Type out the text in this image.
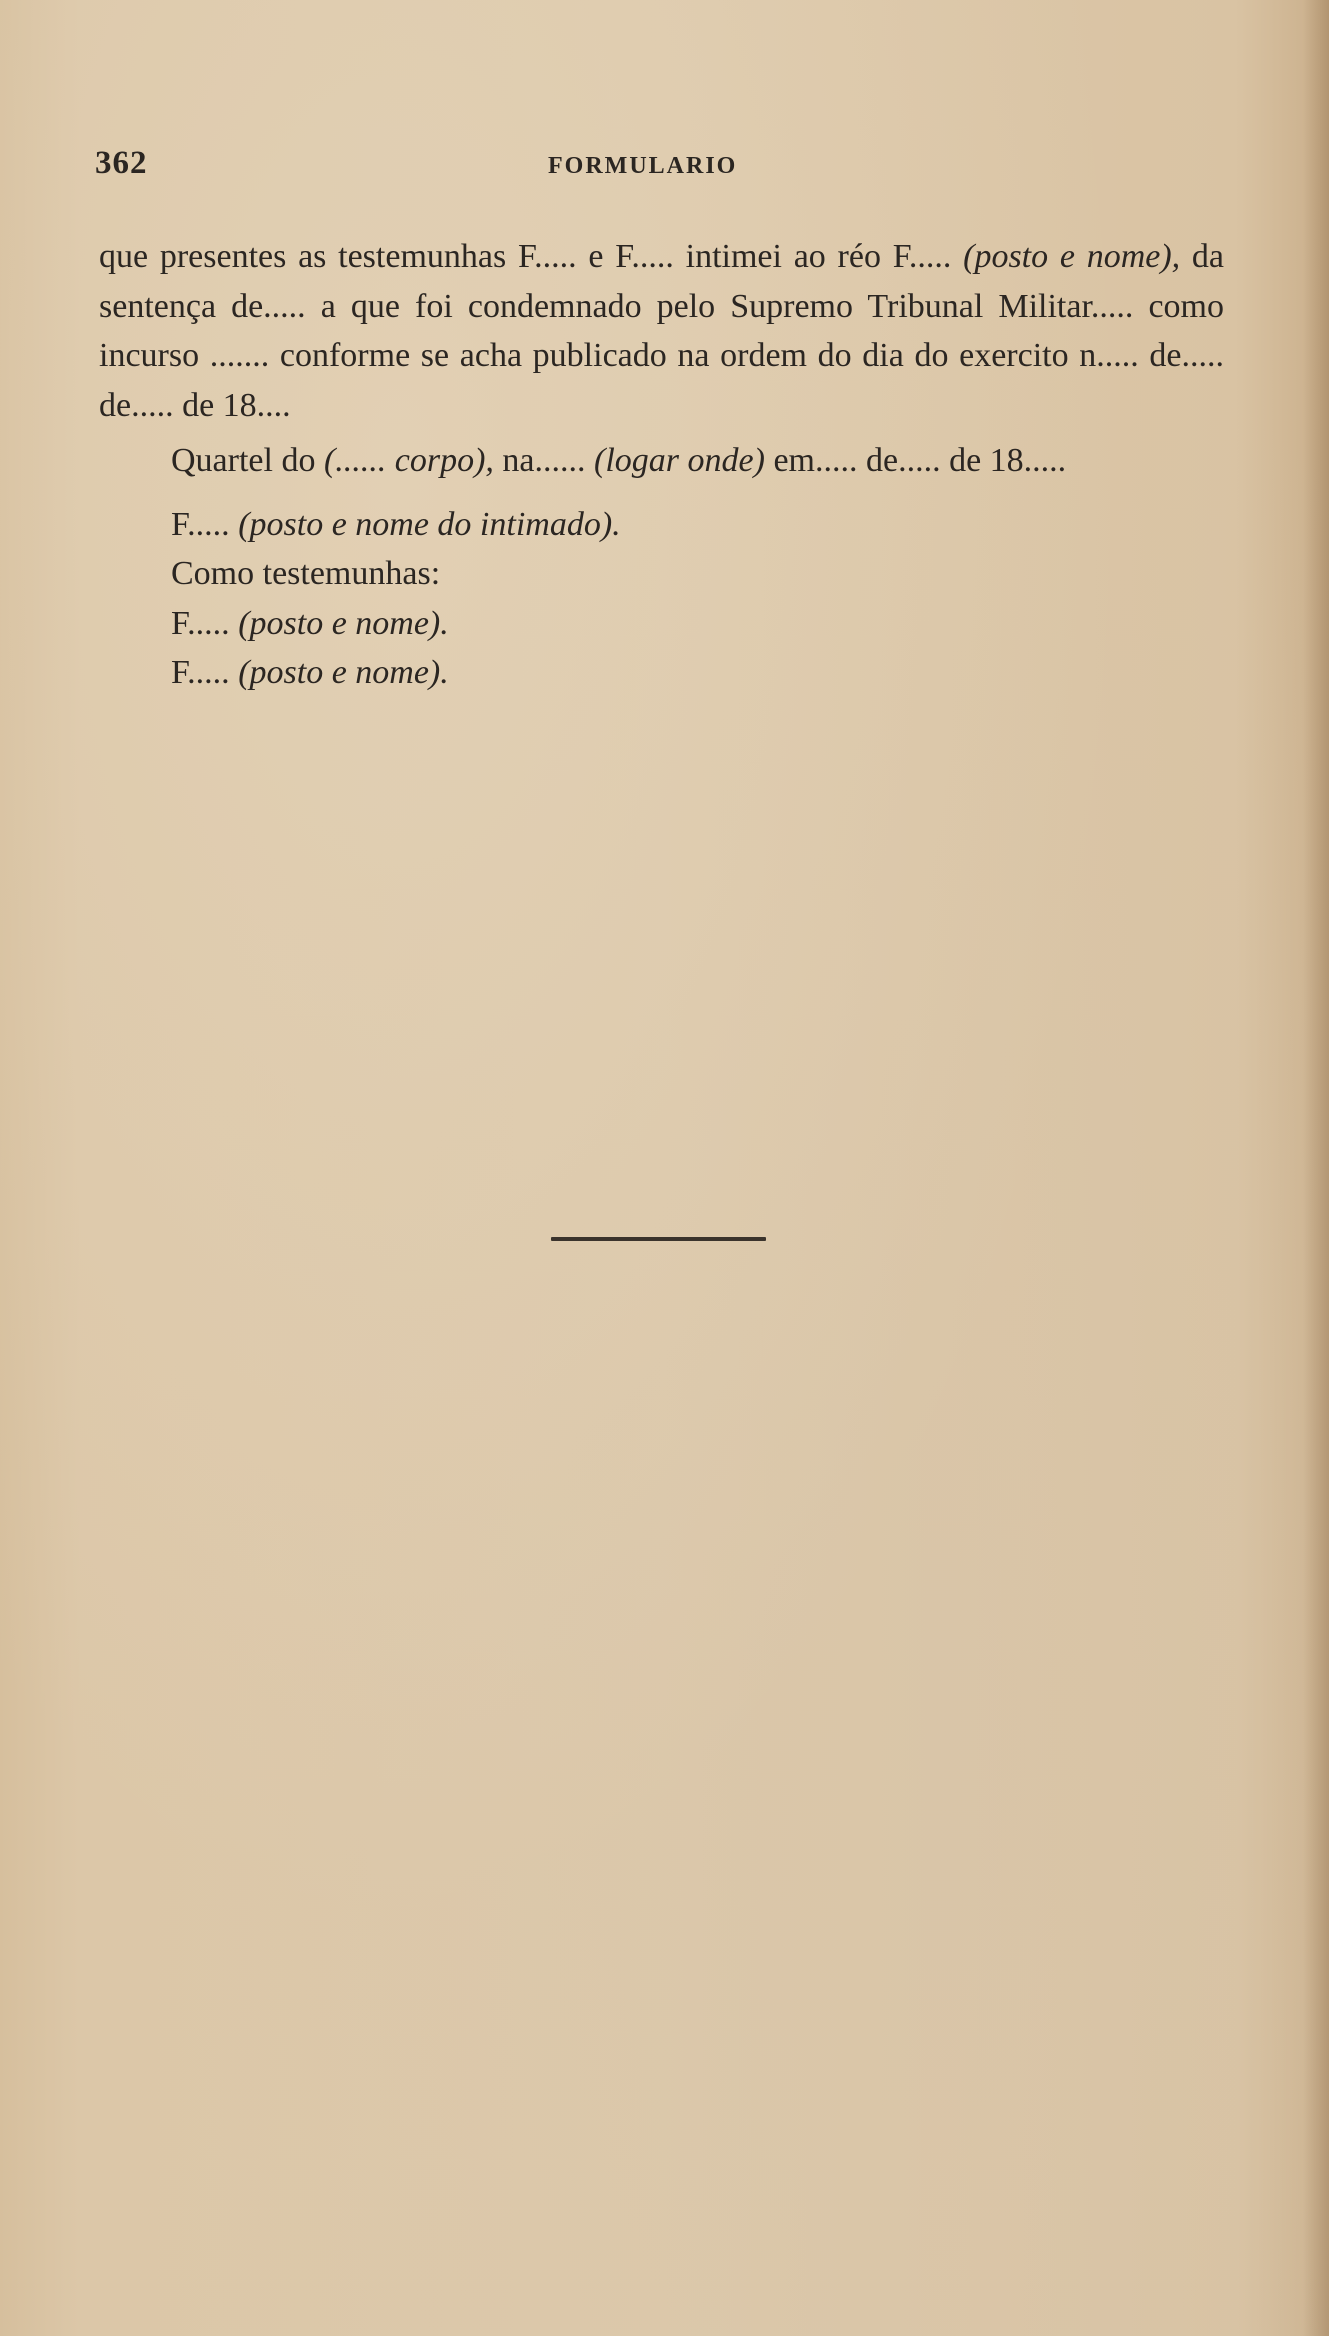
362	FORMULARIO

que presentes as testemunhas F..... e F..... intimei ao réo F..... (posto e nome), da sentença de..... a que foi condemnado pelo Supremo Tribunal Militar..... como incurso ....... conforme se acha publicado na ordem do dia do exercito n..... de..... de..... de 18....

Quartel do (...... corpo), na...... (logar onde) em..... de..... de 18.....

F..... (posto e nome do intimado).

Como testemunhas:

F..... (posto e nome).

F..... (posto e nome).
